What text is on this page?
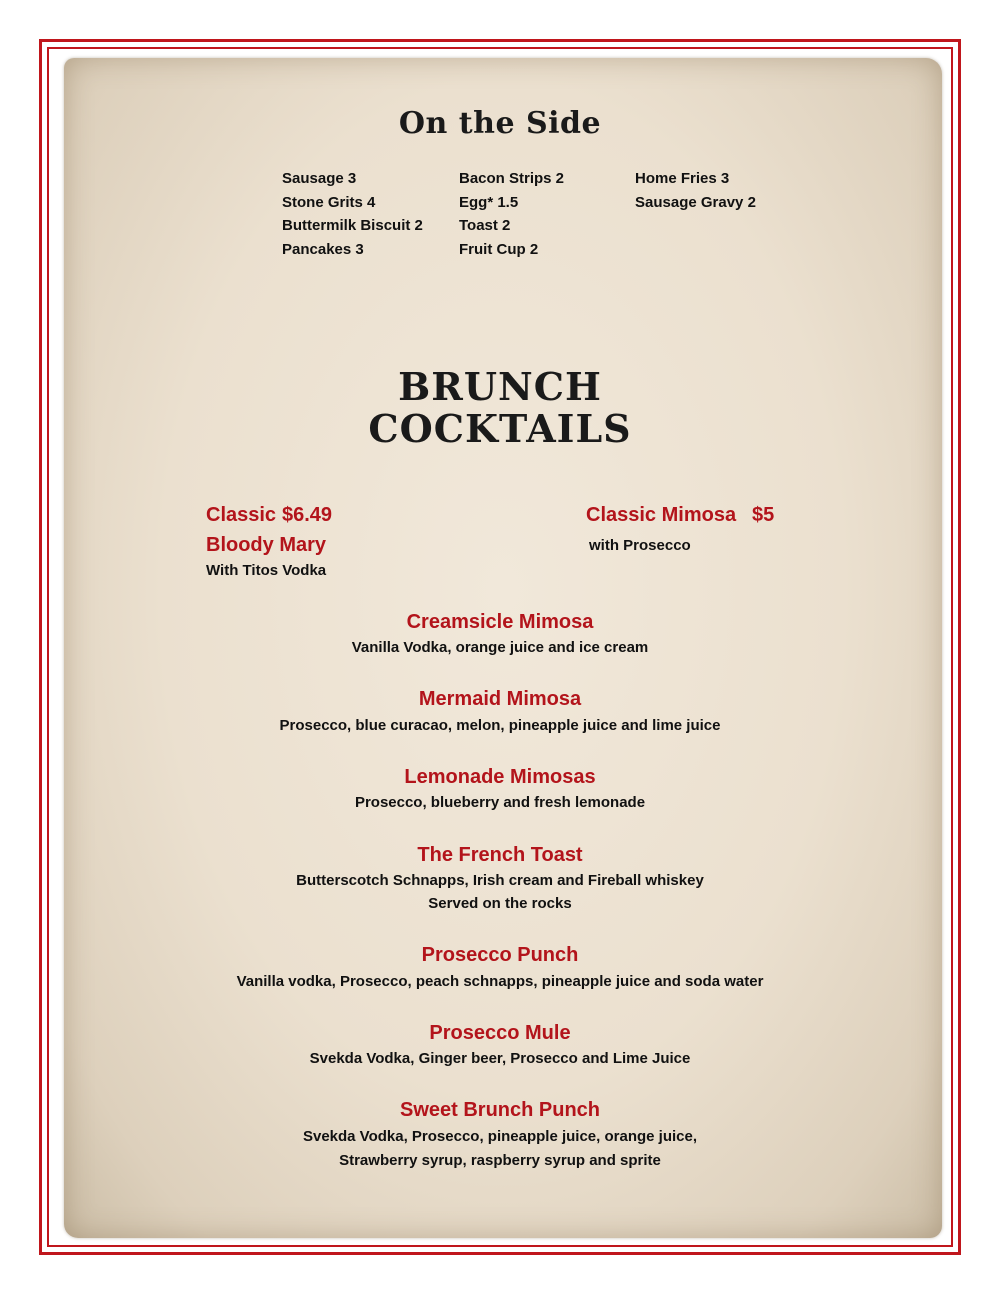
On the Side
Sausage 3
Stone Grits 4
Buttermilk Biscuit 2
Pancakes 3
Bacon Strips 2
Egg* 1.5
Toast 2
Fruit Cup 2
Home Fries 3
Sausage Gravy 2
BRUNCH
COCKTAILS
Classic $6.49
Bloody Mary
With Titos Vodka
Classic Mimosa $5
with Prosecco
Creamsicle Mimosa
Vanilla Vodka, orange juice and ice cream
Mermaid Mimosa
Prosecco, blue curacao, melon, pineapple juice and lime juice
Lemonade Mimosas
Prosecco, blueberry and fresh lemonade
The French Toast
Butterscotch Schnapps, Irish cream and Fireball whiskey
Served on the rocks
Prosecco Punch
Vanilla vodka, Prosecco, peach schnapps, pineapple juice and soda water
Prosecco Mule
Svekda Vodka, Ginger beer, Prosecco and Lime Juice
Sweet Brunch Punch
Svekda Vodka, Prosecco, pineapple juice, orange juice,
Strawberry syrup, raspberry syrup and sprite
